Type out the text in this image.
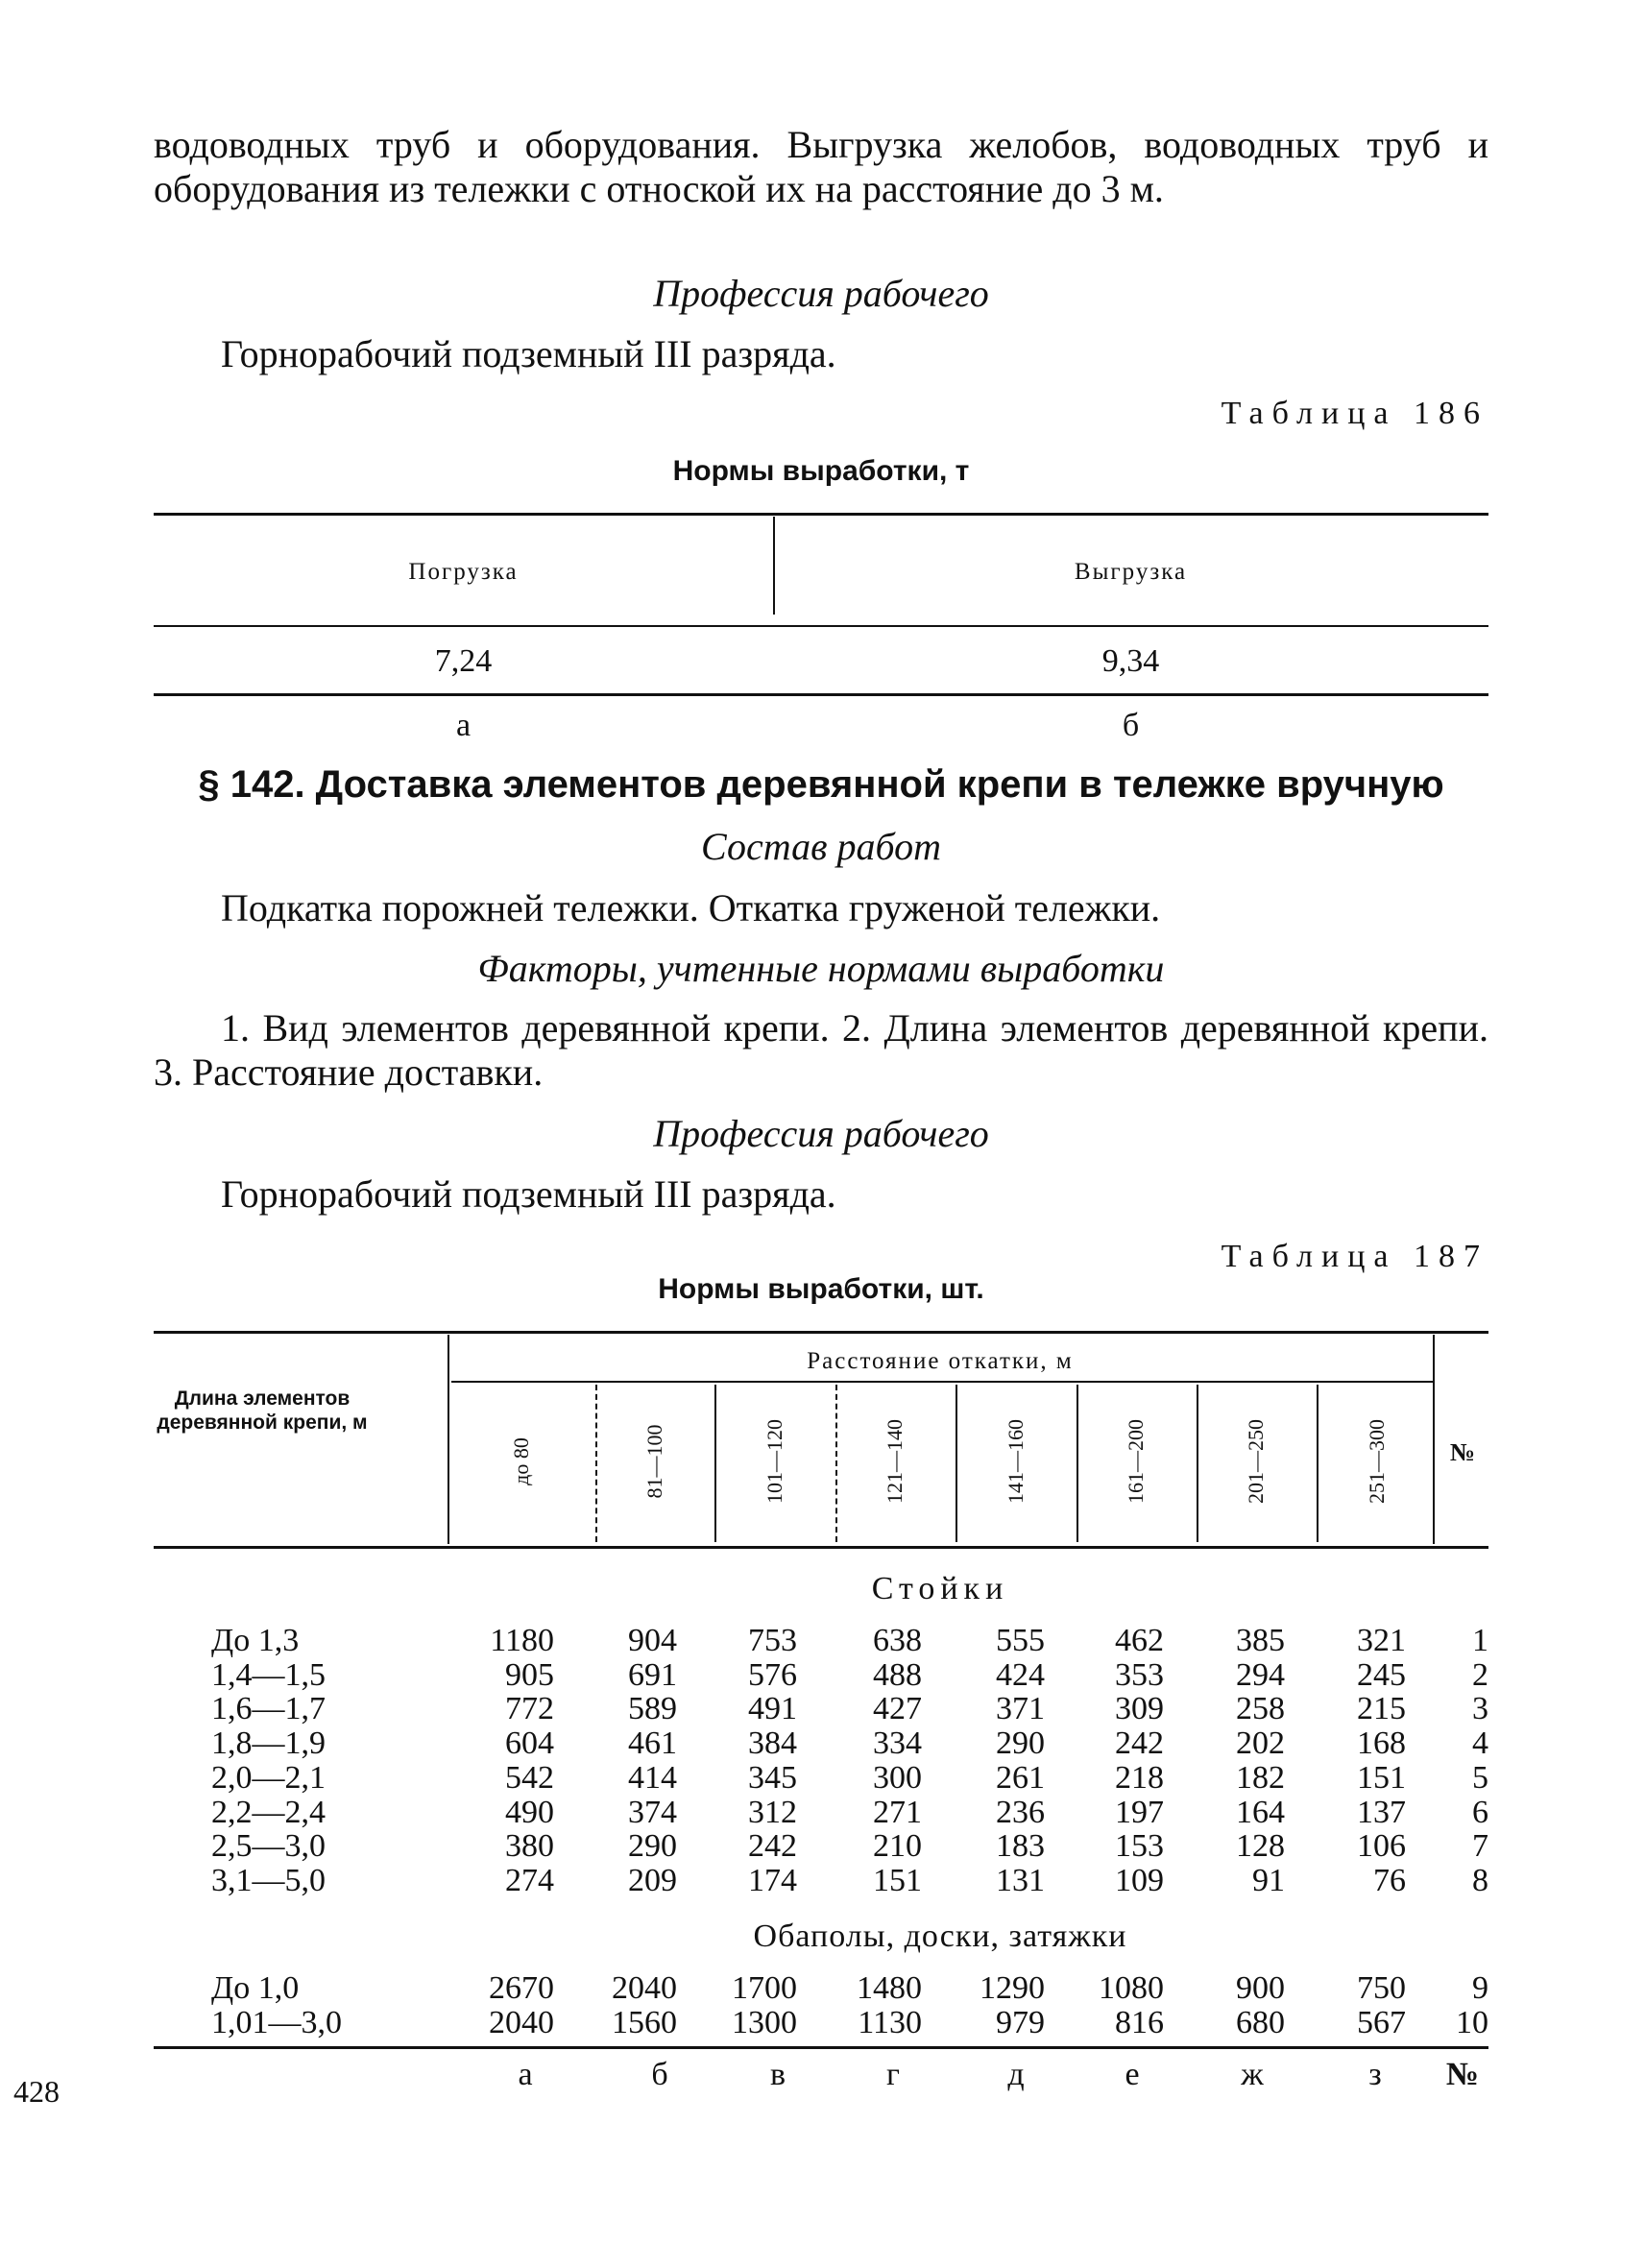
водоводных труб и оборудования. Выгрузка желобов, водоводных труб и оборудования из тележки с отноской их на расстояние до 3 м.

Профессия рабочего
Горнорабочий подземный III разряда.
Таблица 186
Нормы выработки, т
Погрузка	Выгрузка
7,24	9,34
а	б
§ 142. Доставка элементов деревянной крепи в тележке вручную
Состав работ
Подкатка порожней тележки. Откатка груженой тележки.
Факторы, учтенные нормами выработки

1. Вид элементов деревянной крепи. 2. Длина элементов деревянной крепи. 3. Расстояние доставки.

Профессия рабочего
Горнорабочий подземный III разряда.
Таблица 187
Нормы выработки, шт.
Длина элементов деревянной крепи, м
Расстояние откатки, м
до 80	81—100	101—120	121—140	141—160	161—200	201—250	251—300	№
Стойки
До 1,3	1180	904	753	638	555	462	385	321	1
1,4—1,5	905	691	576	488	424	353	294	245	2
1,6—1,7	772	589	491	427	371	309	258	215	3
1,8—1,9	604	461	384	334	290	242	202	168	4
2,0—2,1	542	414	345	300	261	218	182	151	5
2,2—2,4	490	374	312	271	236	197	164	137	6
2,5—3,0	380	290	242	210	183	153	128	106	7
3,1—5,0	274	209	174	151	131	109	91	76	8
Обаполы, доски, затяжки
До 1,0	2670	2040	1700	1480	1290	1080	900	750	9
1,01—3,0	2040	1560	1300	1130	979	816	680	567	10
а	б	в	г	д	е	ж	з	№
428
